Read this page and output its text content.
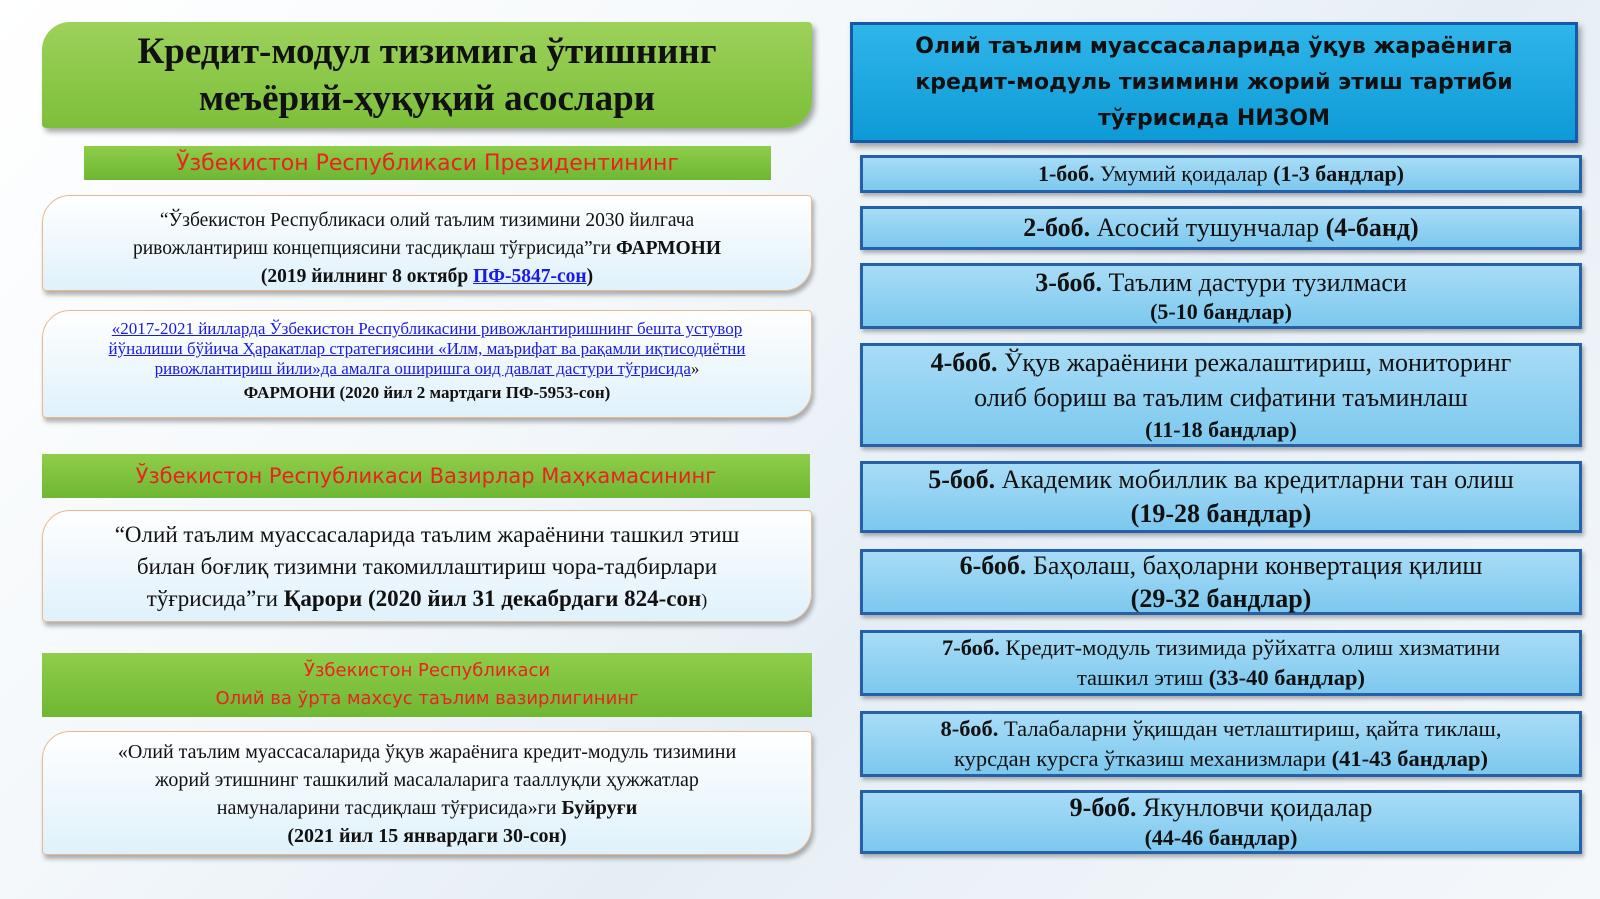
Кредит-модул тизимига ўтишнинг
меъёрий-ҳуқуқий асослари
Ўзбекистон Республикаси Президентининг
“Ўзбекистон Республикаси олий таълим тизимини 2030 йилгача
ривожлантириш концепциясини тасдиқлаш тўғрисида”ги ФАРМОНИ
(2019 йилнинг 8 октябр ПФ-5847-сон)
«2017-2021 йилларда Ўзбекистон Республикасини ривожлантиришнинг бешта устувор
йўналиши бўйича Ҳаракатлар стратегиясини «Илм, маърифат ва рақамли иқтисодиётни
ривожлантириш йили»да амалга оширишга оид давлат дастури тўғрисида»
ФАРМОНИ (2020 йил 2 мартдаги ПФ-5953-сон)
Ўзбекистон Республикаси Вазирлар Маҳкамасининг
“Олий таълим муассасаларида таълим жараёнини ташкил этиш
билан боғлиқ тизимни такомиллаштириш чора-тадбирлари
тўғрисида”ги Қарори (2020 йил 31 декабрдаги 824-сон)
Ўзбекистон Республикаси
Олий ва ўрта махсус таълим вазирлигининг
«Олий таълим муассасаларида ўқув жараёнига кредит-модуль тизимини
жорий этишнинг ташкилий масалаларига тааллуқли ҳужжатлар
намуналарини тасдиқлаш тўғрисида»ги Буйруғи
(2021 йил 15 январдаги 30-сон)
Олий таълим муассасаларида ўқув жараёнига
кредит-модуль тизимини жорий этиш тартиби
тўғрисида НИЗОМ
1-боб. Умумий қоидалар (1-3 бандлар)
2-боб. Асосий тушунчалар (4-банд)
3-боб. Таълим дастури тузилмаси
(5-10 бандлар)
4-боб. Ўқув жараёнини режалаштириш, мониторинг
олиб бориш ва таълим сифатини таъминлаш
(11-18 бандлар)
5-боб. Академик мобиллик ва кредитларни тан олиш
(19-28 бандлар)
6-боб. Баҳолаш, баҳоларни конвертация қилиш
(29-32 бандлар)
7-боб. Кредит-модуль тизимида рўйхатга олиш хизматини
ташкил этиш (33-40 бандлар)
8-боб. Талабаларни ўқишдан четлаштириш, қайта тиклаш,
курсдан курсга ўтказиш механизмлари (41-43 бандлар)
9-боб. Якунловчи қоидалар
(44-46 бандлар)
